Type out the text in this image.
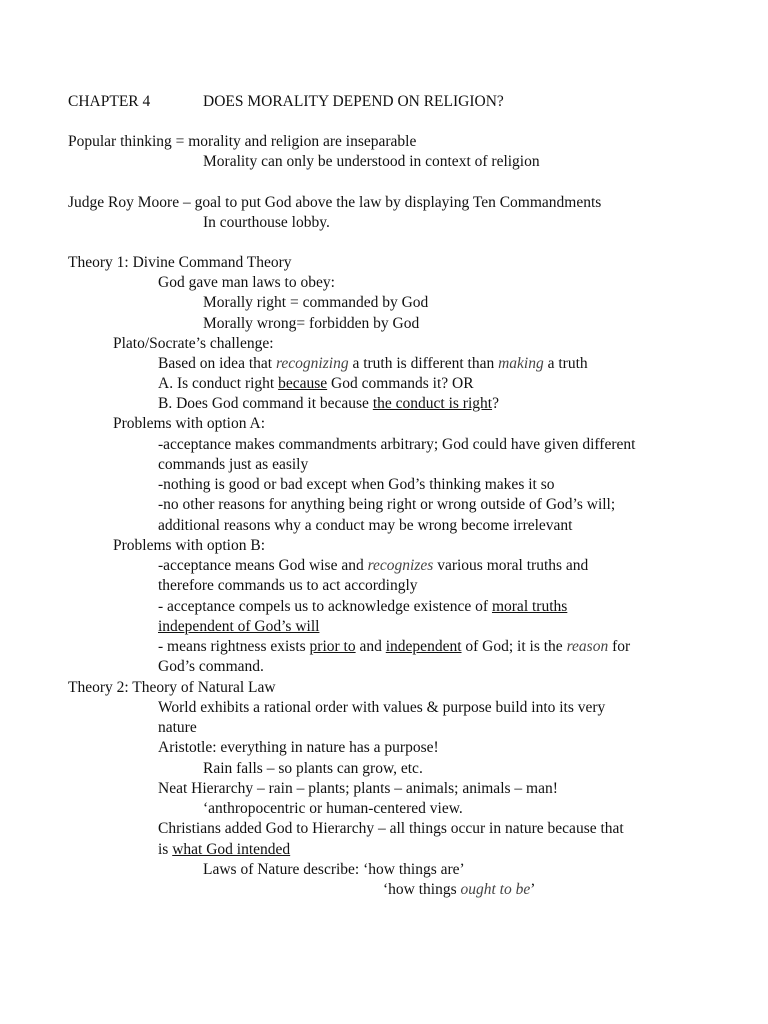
CHAPTER 4	DOES MORALITY DEPEND ON RELIGION?
Popular thinking = morality and religion are inseparable
Morality can only be understood in context of religion
Judge Roy Moore – goal to put God above the law by displaying Ten Commandments
In courthouse lobby.
Theory 1: Divine Command Theory
God gave man laws to obey:
Morally right = commanded by God
Morally wrong= forbidden by God
Plato/Socrate’s challenge:
Based on idea that recognizing a truth is different than making a truth
A. Is conduct right because God commands it? OR
B. Does God command it because the conduct is right?
Problems with option A:
-acceptance makes commandments arbitrary; God could have given different
commands just as easily
-nothing is good or bad except when God’s thinking makes it so
-no other reasons for anything being right or wrong outside of God’s will;
additional reasons why a conduct may be wrong become irrelevant
Problems with option B:
-acceptance means God wise and recognizes various moral truths and
therefore commands us to act accordingly
- acceptance compels us to acknowledge existence of moral truths
independent of God’s will
- means rightness exists prior to and independent of God; it is the reason for
God’s command.
Theory 2: Theory of Natural Law
World exhibits a rational order with values & purpose build into its very
nature
Aristotle: everything in nature has a purpose!
Rain falls – so plants can grow, etc.
Neat Hierarchy – rain – plants; plants – animals; animals – man!
‘anthropocentric or human-centered view.
Christians added God to Hierarchy – all things occur in nature because that
is what God intended
Laws of Nature describe: ‘how things are’
‘how things ought to be’
